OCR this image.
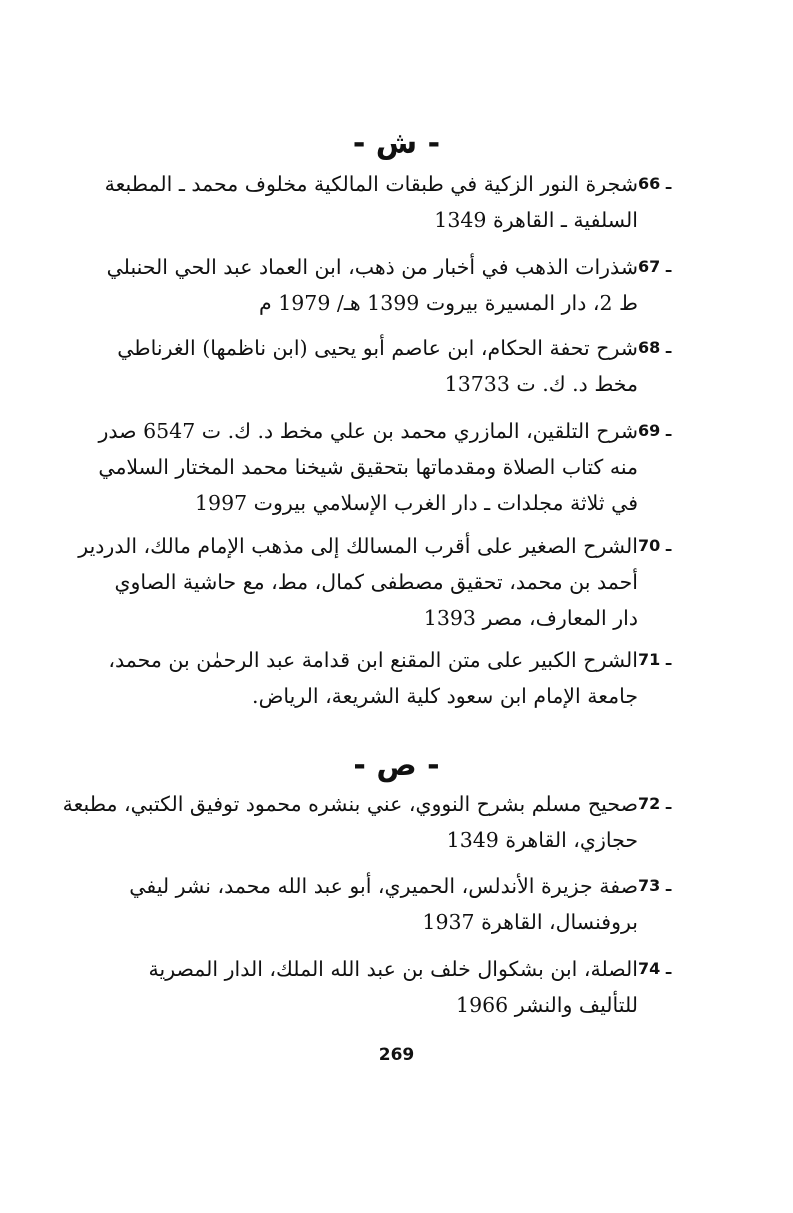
- ش -
66 ـ
شجرة النور الزكية في طبقات المالكية مخلوف محمد ـ المطبعة
السلفية ـ القاهرة 1349
67 ـ
شذرات الذهب في أخبار من ذهب، ابن العماد عبد الحي الحنبلي
ط 2، دار المسيرة بيروت 1399 هـ/ 1979 م
68 ـ
شرح تحفة الحكام، ابن عاصم أبو يحيى (ابن ناظمها) الغرناطي
مخط د. ك. ت 13733
69 ـ
شرح التلقين، المازري محمد بن علي مخط د. ك. ت 6547 صدر
منه كتاب الصلاة ومقدماتها بتحقيق شيخنا محمد المختار السلامي
في ثلاثة مجلدات ـ دار الغرب الإسلامي بيروت 1997
70 ـ
الشرح الصغير على أقرب المسالك إلى مذهب الإمام مالك، الدردير
أحمد بن محمد، تحقيق مصطفى كمال، مط، مع حاشية الصاوي
دار المعارف، مصر 1393
71 ـ
الشرح الكبير على متن المقنع ابن قدامة عبد الرحمٰن بن محمد،
جامعة الإمام ابن سعود كلية الشريعة، الرياض.
- ص -
72 ـ
صحيح مسلم بشرح النووي، عني بنشره محمود توفيق الكتبي، مطبعة
حجازي، القاهرة 1349
73 ـ
صفة جزيرة الأندلس، الحميري، أبو عبد الله محمد، نشر ليفي
بروفنسال، القاهرة 1937
74 ـ
الصلة، ابن بشكوال خلف بن عبد الله الملك، الدار المصرية
للتأليف والنشر 1966
269
